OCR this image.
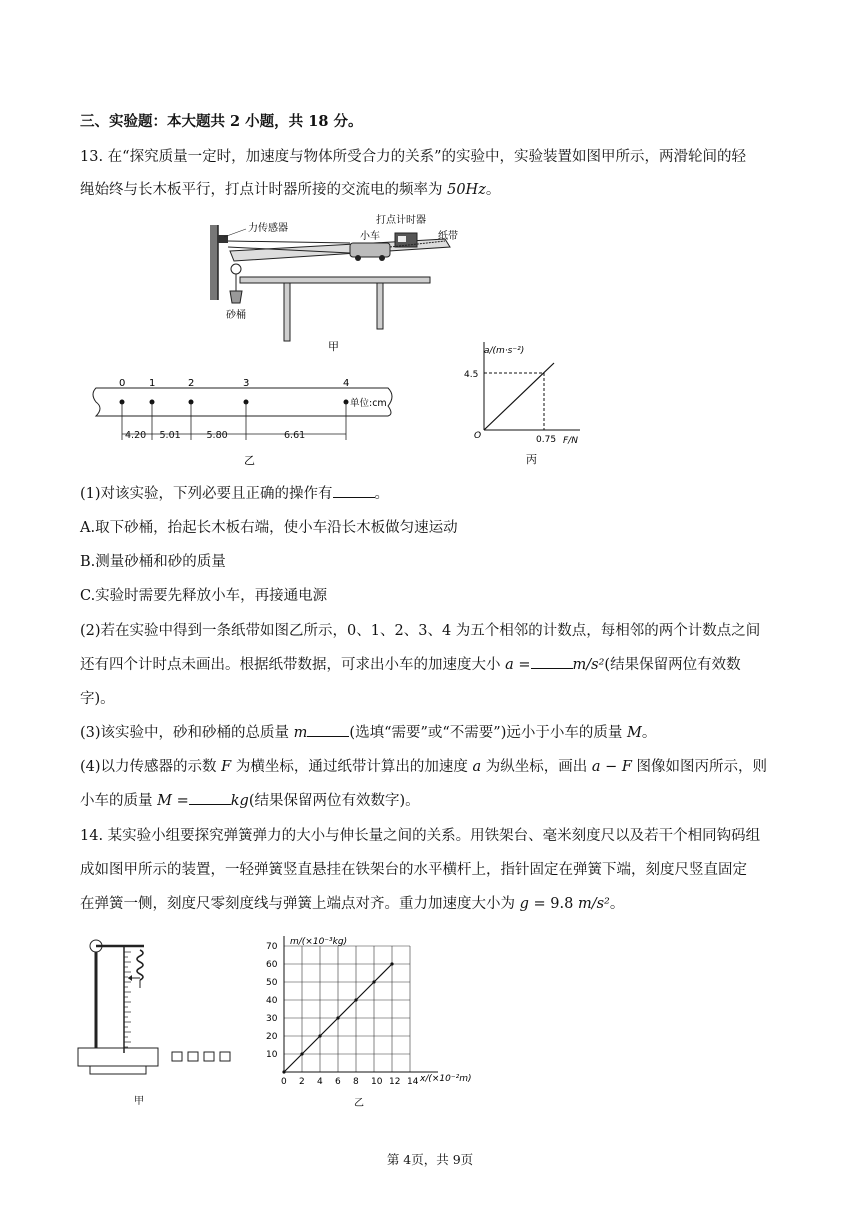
三、实验题：本大题共 2 小题，共 18 分。
13. 在“探究质量一定时，加速度与物体所受合力的关系”的实验中，实验装置如图甲所示，两滑轮间的轻
绳始终与长木板平行，打点计时器所接的交流电的频率为 50Hz。
力传感器
打点计时器
小车	纸带
砂桶
甲
0 1	2	3	4
4.20 5.01	5.80	6.61
单位:cm
乙
4.5
0.75
a/(m·s⁻²)
F/N
O
丙
(1)对该实验，下列必要且正确的操作有	。
A.取下砂桶，抬起长木板右端，使小车沿长木板做匀速运动
B.测量砂桶和砂的质量
C.实验时需要先释放小车，再接通电源
(2)若在实验中得到一条纸带如图乙所示，0、1、2、3、4 为五个相邻的计数点，每相邻的两个计数点之间
还有四个计时点未画出。根据纸带数据，可求出小车的加速度大小 a =	m/s²(结果保留两位有效数
字)。
(3)该实验中，砂和砂桶的总质量 m	(选填“需要”或“不需要”)远小于小车的质量 M。
(4)以力传感器的示数 F 为横坐标，通过纸带计算出的加速度 a 为纵坐标，画出 a − F 图像如图丙所示，则
小车的质量 M =	kg(结果保留两位有效数字)。
14. 某实验小组要探究弹簧弹力的大小与伸长量之间的关系。用铁架台、毫米刻度尺以及若干个相同钩码组
成如图甲所示的装置，一轻弹簧竖直悬挂在铁架台的水平横杆上，指针固定在弹簧下端，刻度尺竖直固定
在弹簧一侧，刻度尺零刻度线与弹簧上端点对齐。重力加速度大小为 g = 9.8 m/s²。
甲
0 2 4 6 8 10 12 14
10
20
30
40
50
60
70 m/(×10⁻³kg)
x/(×10⁻²m)
乙
第 4页，共 9页
